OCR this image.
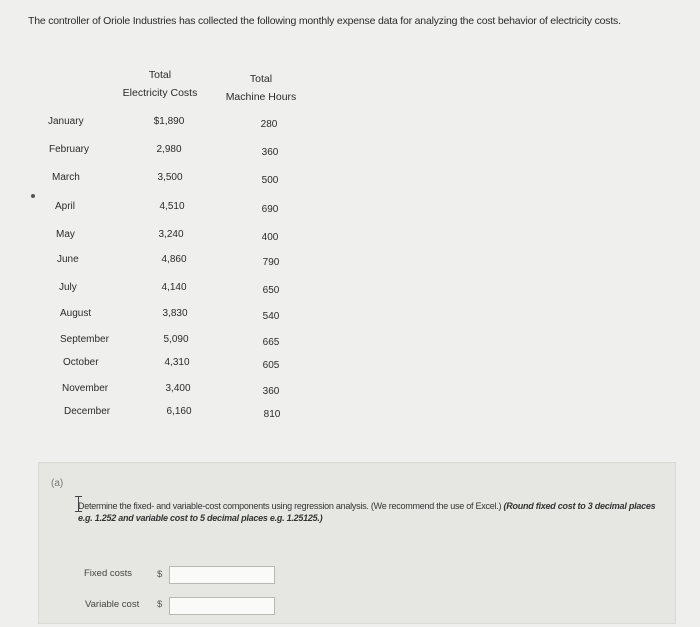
The controller of Oriole Industries has collected the following monthly expense data for analyzing the cost behavior of electricity costs.
Total
Electricity Costs
Total
Machine Hours
January	$1,890	280
February	2,980	360
March	3,500	500
April	4,510	690
May	3,240	400
June	4,860	790
July	4,140	650
August	3,830	540
September	5,090	665
October	4,310	605
November	3,400	360
December	6,160	810
(a)
Determine the fixed- and variable-cost components using regression analysis. (We recommend the use of Excel.) (Round fixed cost to 3 decimal places e.g. 1.252 and variable cost to 5 decimal places e.g. 1.25125.)
Fixed costs	$
Variable cost $
